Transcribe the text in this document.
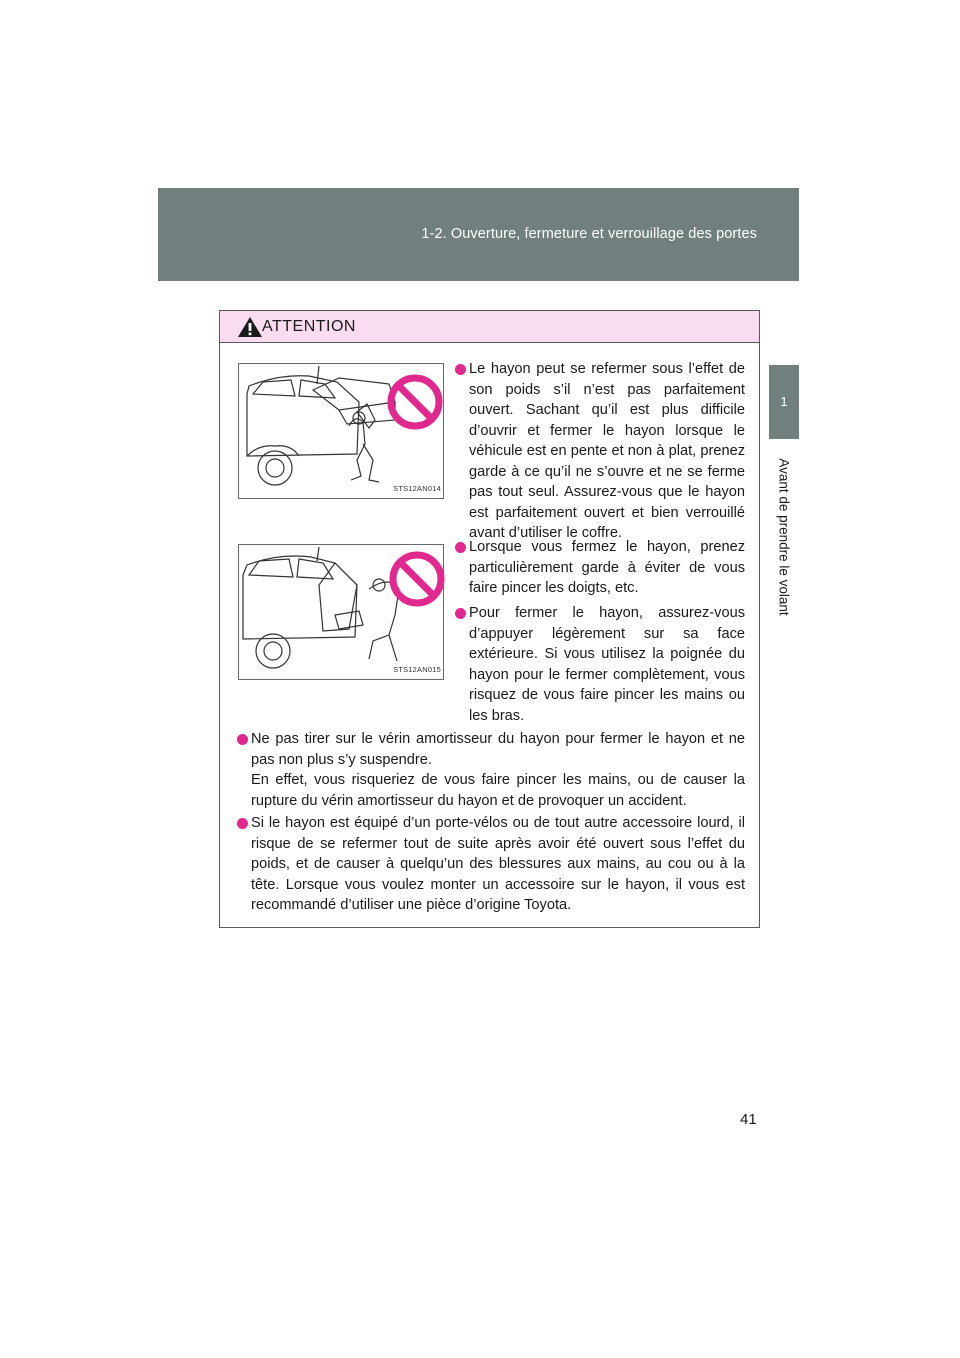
1-2. Ouverture, fermeture et verrouillage des portes
1
Avant de prendre le volant
ATTENTION
STS12AN014
STS12AN015
Le hayon peut se refermer sous l’effet de son poids s’il n’est pas parfaitement ouvert. Sachant qu’il est plus difficile d’ouvrir et fermer le hayon lorsque le véhicule est en pente et non à plat, prenez garde à ce qu’il ne s’ouvre et ne se ferme pas tout seul. Assurez-vous que le hayon est parfaitement ouvert et bien verrouillé avant d’utiliser le coffre.
Lorsque vous fermez le hayon, prenez particulièrement garde à éviter de vous faire pincer les doigts, etc.
Pour fermer le hayon, assurez-vous d’appuyer légèrement sur sa face extérieure. Si vous utilisez la poignée du hayon pour le fermer complètement, vous risquez de vous faire pincer les mains ou les bras.
Ne pas tirer sur le vérin amortisseur du hayon pour fermer le hayon et ne pas non plus s’y suspendre.
En effet, vous risqueriez de vous faire pincer les mains, ou de causer la rupture du vérin amortisseur du hayon et de provoquer un accident.
Si le hayon est équipé d’un porte-vélos ou de tout autre accessoire lourd, il risque de se refermer tout de suite après avoir été ouvert sous l’effet du poids, et de causer à quelqu’un des blessures aux mains, au cou ou à la tête. Lorsque vous voulez monter un accessoire sur le hayon, il vous est recommandé d’utiliser une pièce d’origine Toyota.
41
